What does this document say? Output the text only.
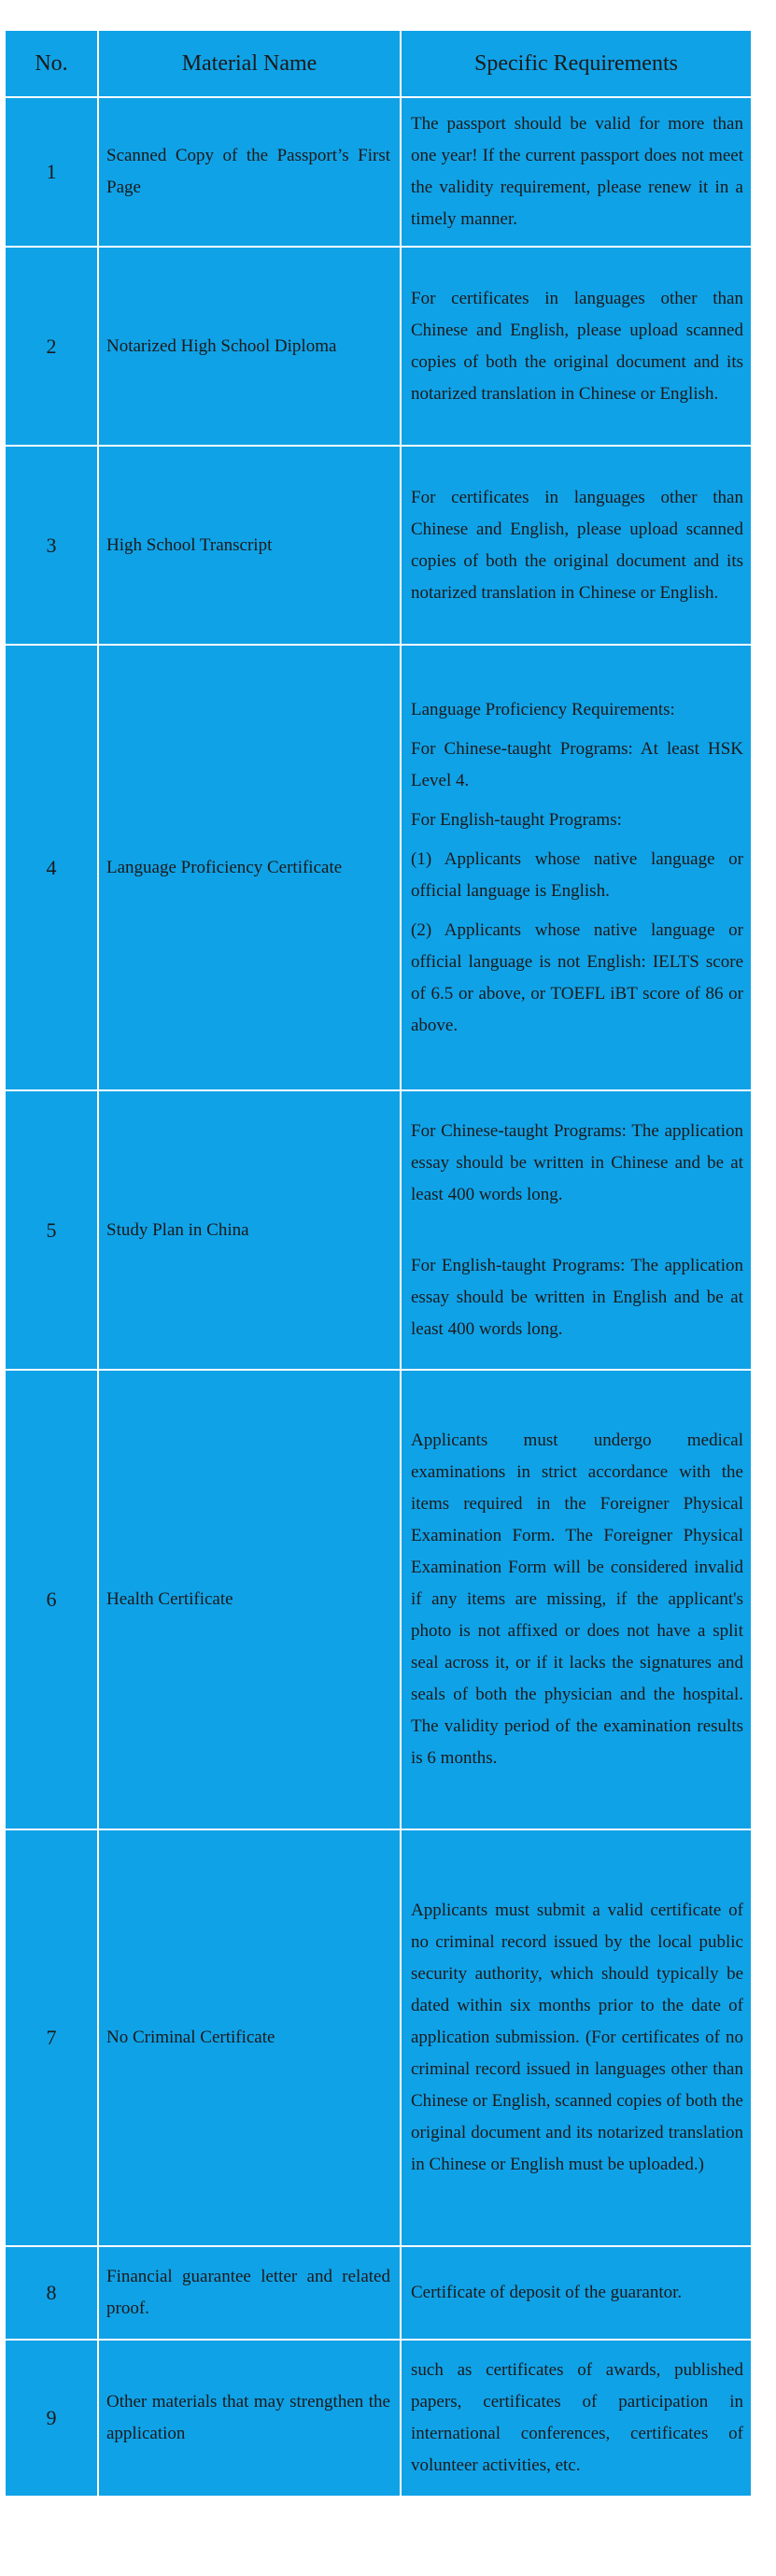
No.	Material Name	Specific Requirements
1	Scanned Copy of the Passport’s First Page	The passport should be valid for more than one year! If the current passport does not meet the validity requirement, please renew it in a timely manner.

2	Notarized High School Diploma	For certificates in languages other than Chinese and English, please upload scanned copies of both the original document and its notarized translation in Chinese or English.

3	High School Transcript	For certificates in languages other than Chinese and English, please upload scanned copies of both the original document and its notarized translation in Chinese or English.

4	Language Proficiency Certificate	Language Proficiency Requirements:

For Chinese-taught Programs: At least HSK Level 4.

For English-taught Programs:

(1) Applicants whose native language or official language is English.

(2) Applicants whose native language or official language is not English: IELTS score of 6.5 or above, or TOEFL iBT score of 86 or above.

5	Study Plan in China	For Chinese-taught Programs: The application essay should be written in Chinese and be at least 400 words long.

For English-taught Programs: The application essay should be written in English and be at least 400 words long.

6	Health Certificate	Applicants must undergo medical examinations in strict accordance with the items required in the Foreigner Physical Examination Form. The Foreigner Physical Examination Form will be considered invalid if any items are missing, if the applicant's photo is not affixed or does not have a split seal across it, or if it lacks the signatures and seals of both the physician and the hospital. The validity period of the examination results is 6 months.

7	No Criminal Certificate	Applicants must submit a valid certificate of no criminal record issued by the local public security authority, which should typically be dated within six months prior to the date of application submission. (For certificates of no criminal record issued in languages other than Chinese or English, scanned copies of both the original document and its notarized translation in Chinese or English must be uploaded.)

8	Financial guarantee letter and related proof.	Certificate of deposit of the guarantor.

9	Other materials that may strengthen the application	such as certificates of awards, published papers, certificates of participation in international conferences, certificates of volunteer activities, etc.
